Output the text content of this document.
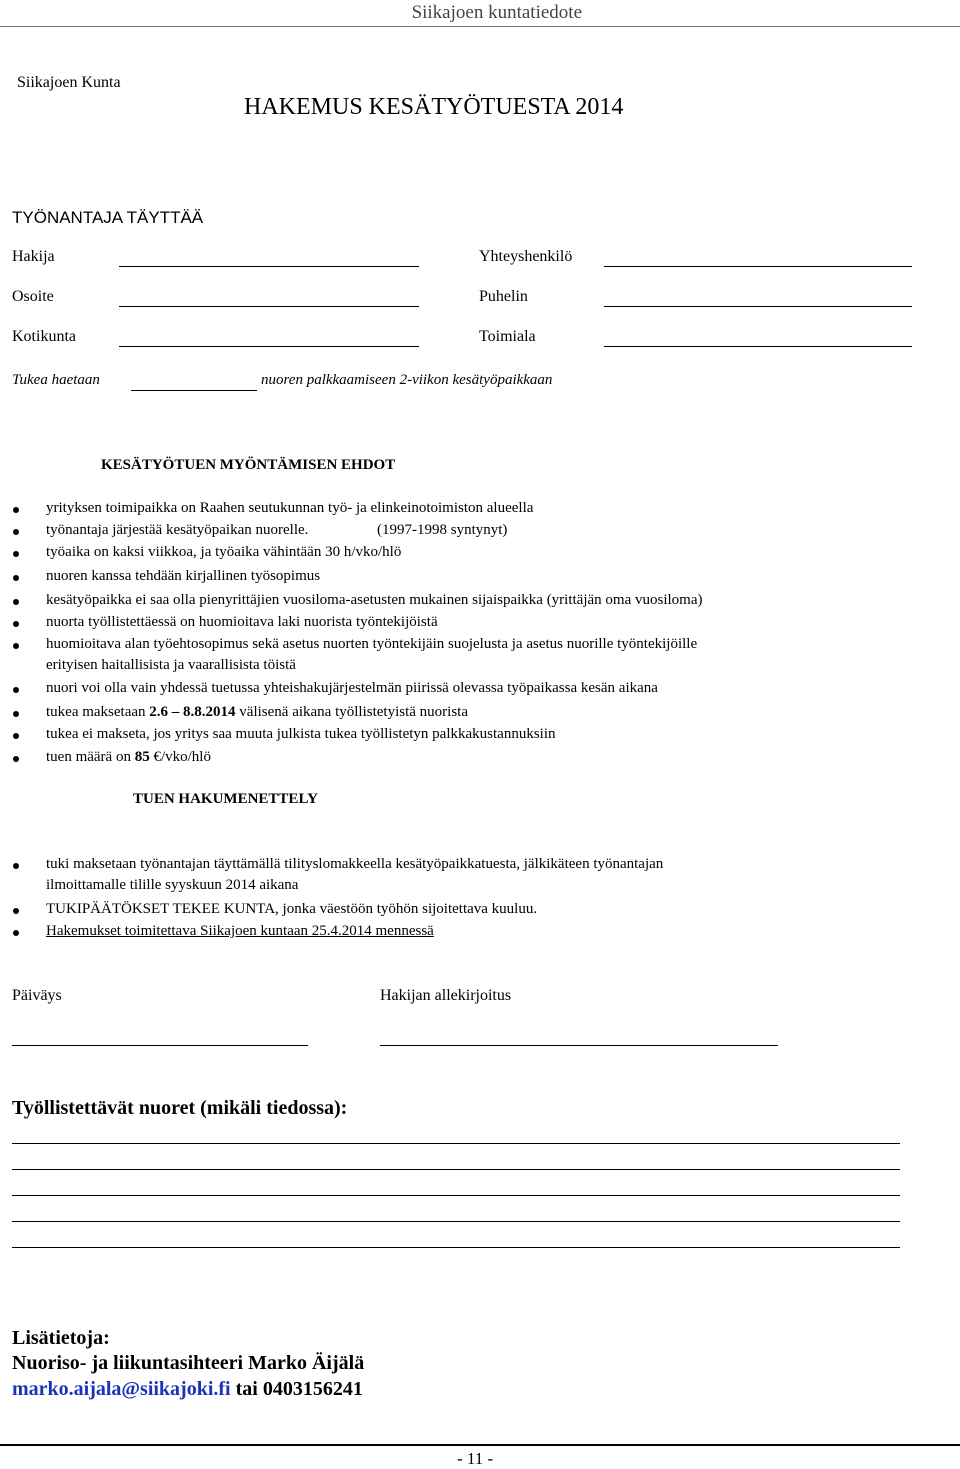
Siikajoen kuntatiedote
Siikajoen Kunta
HAKEMUS KESÄTYÖTUESTA 2014
TYÖNANTAJA TÄYTTÄÄ
Hakija	Yhteyshenkilö
Osoite	Puhelin
Kotikunta	Toimiala
Tukea haetaan	nuoren palkkaamiseen 2-viikon kesätyöpaikkaan
KESÄTYÖTUEN MYÖNTÄMISEN EHDOT
yrityksen toimipaikka on Raahen seutukunnan työ- ja elinkeinotoimiston alueella
työnantaja järjestää kesätyöpaikan nuorelle.	(1997-1998 syntynyt)
työaika on kaksi viikkoa, ja työaika vähintään 30 h/vko/hlö
nuoren kanssa tehdään kirjallinen työsopimus
kesätyöpaikka ei saa olla pienyrittäjien vuosiloma-asetusten mukainen sijaispaikka (yrittäjän oma vuosiloma)
nuorta työllistettäessä on huomioitava laki nuorista työntekijöistä
huomioitava alan työehtosopimus sekä asetus nuorten työntekijäin suojelusta ja asetus nuorille työntekijöille
erityisen haitallisista ja vaarallisista töistä
nuori voi olla vain yhdessä tuetussa yhteishakujärjestelmän piirissä olevassa työpaikassa kesän aikana
tukea maksetaan 2.6 – 8.8.2014 välisenä aikana työllistetyistä nuorista
tukea ei makseta, jos yritys saa muuta julkista tukea työllistetyn palkkakustannuksiin
tuen määrä on 85 €/vko/hlö
TUEN HAKUMENETTELY
tuki maksetaan työnantajan täyttämällä tilityslomakkeella kesätyöpaikkatuesta, jälkikäteen työnantajan
ilmoittamalle tilille syyskuun 2014 aikana
TUKIPÄÄTÖKSET TEKEE KUNTA, jonka väestöön työhön sijoitettava kuuluu.
Hakemukset toimitettava Siikajoen kuntaan 25.4.2014 mennessä
Päiväys	Hakijan allekirjoitus
Työllistettävät nuoret (mikäli tiedossa):
Lisätietoja:
Nuoriso- ja liikuntasihteeri Marko Äijälä
marko.aijala@siikajoki.fi tai 0403156241
- 11 -
